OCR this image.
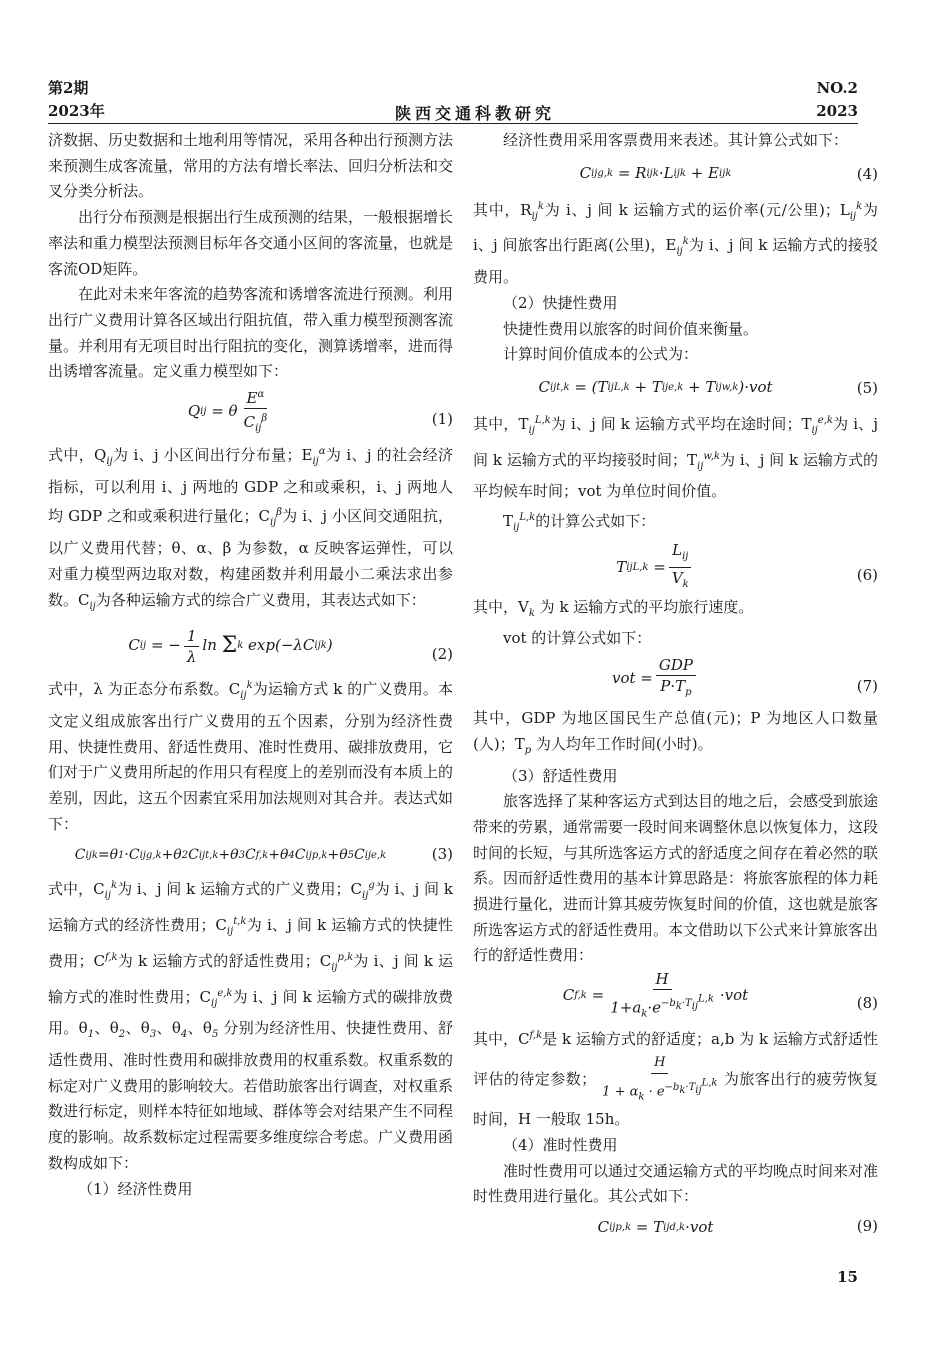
第2期
2023年	陕西交通科教研究
NO.2
2023

济数据、历史数据和土地利用等情况，采用各种出行预测方法来预测生成客流量，常用的方法有增长率法、回归分析法和交叉分类分析法。

出行分布预测是根据出行生成预测的结果，一般根据增长率法和重力模型法预测目标年各交通小区间的客流量，也就是客流OD矩阵。

在此对未来年客流的趋势客流和诱增客流进行预测。利用出行广义费用计算各区域出行阻抗值，带入重力模型预测客流量。并利用有无项目时出行阻抗的变化，测算诱增率，进而得出诱增客流量。定义重力模型如下：

Q ij = θ $\frac{E^\alpha}{C_{ij}^\beta}$	(1)

式中，$Q_{ij}$为 i、j 小区间出行分布量；$E_{ij}^\alpha$为 i、j 的社会经济指标，可以利用 i、j 两地的 GDP 之和或乘积，i、j 两地人均 GDP 之和或乘积进行量化；$C_{ij}^\beta$为 i、j 小区间交通阻抗，以广义费用代替；θ、α、β 为参数，α 反映客运弹性，可以对重力模型两边取对数，构建函数并利用最小二乘法求出参数。$C_{ij}$为各种运输方式的综合广义费用，其表达式如下：

C ij = − $\frac{1}{\lambda}$ ln Σ k exp(−λC ij k )	(2)

式中，λ 为正态分布系数。$C_{ij}^k$为运输方式 k 的广义费用。本文定义组成旅客出行广义费用的五个因素，分别为经济性费用、快捷性费用、舒适性费用、准时性费用、碳排放费用，它们对于广义费用所起的作用只有程度上的差别而没有本质上的差别，因此，这五个因素宜采用加法规则对其合并。表达式如下：

C ij k =θ 1 ·C ij g,k +θ 2 C ij t,k +θ 3 C f,k +θ 4 C ij p,k +θ 5 C ij e,k	(3)

式中，$C_{ij}^k$为 i、j 间 k 运输方式的广义费用；$C_{ij}^g$为 i、j 间 k 运输方式的经济性费用；$C_{ij}^{t,k}$为 i、j 间 k 运输方式的快捷性费用；C$^{f,k}$为 k 运输方式的舒适性费用；$C_{ij}^{p,k}$为 i、j 间 k 运输方式的准时性费用；$C_{ij}^{e,k}$为 i、j 间 k 运输方式的碳排放费用。$\theta_1$、$\theta_2$、$\theta_3$、$\theta_4$、$\theta_5$ 分别为经济性用、快捷性费用、舒适性费用、准时性费用和碳排放费用的权重系数。权重系数的标定对广义费用的影响较大。若借助旅客出行调查，对权重系数进行标定，则样本特征如地域、群体等会对结果产生不同程度的影响。故系数标定过程需要多维度综合考虑。广义费用函数构成如下：

（1）经济性费用

经济性费用采用客票费用来表述。其计算公式如下：

C ij g,k = R ij k ·L ij k + E ij k	(4)

其中，$R_{ij}^k$为 i、j 间 k 运输方式的运价率(元/公里)；$L_{ij}^k$为 i、j 间旅客出行距离(公里)，$E_{ij}^k$为 i、j 间 k 运输方式的接驳费用。

（2）快捷性费用

快捷性费用以旅客的时间价值来衡量。

计算时间价值成本的公式为：

C ij t,k = (T ij L,k + T ij e,k + T ij w,k )·vot	(5)

其中，$T_{ij}^{L,k}$为 i、j 间 k 运输方式平均在途时间；$T_{ij}^{e,k}$为 i、j 间 k 运输方式的平均接驳时间；$T_{ij}^{w,k}$为 i、j 间 k 运输方式的平均候车时间；vot 为单位时间价值。

$T_{ij}^{L,k}$的计算公式如下：

T ij $L,k = \frac{L_{ij}}{V_k}$	(6)

其中，$V_k$ 为 k 运输方式的平均旅行速度。

vot 的计算公式如下：

vot = $\frac{\text{GDP}}{P\cdot T_p}$	(7)

其中，GDP 为地区国民生产总值(元)；P 为地区人口数量(人)；$T_p$ 为人均年工作时间(小时)。

（3）舒适性费用

旅客选择了某种客运方式到达目的地之后，会感受到旅途带来的劳累，通常需要一段时间来调整休息以恢复体力，这段时间的长短，与其所选客运方式的舒适度之间存在着必然的联系。因而舒适性费用的基本计算思路是：将旅客旅程的体力耗损进行量化，进而计算其疲劳恢复时间的价值，这也就是旅客所选客运方式的舒适性费用。本文借助以下公式来计算旅客出行的舒适性费用：

C $f,k = \frac{H}{1+a_k\cdot e^{-b_k\cdot T_{ij}^{L,k}}} \cdot vot$	(8)

其中，C$^{f,k}$是 k 运输方式的舒适度；a,b 为 k 运输方式舒适性评估的待定参数； $\frac{H}{1 + \alpha_k \cdot e^{-b_k\cdot T_{ij}^{L,k}}}$ 为旅客出行的疲劳恢复时间，H 一般取 15h。

（4）准时性费用

准时性费用可以通过交通运输方式的平均晚点时间来对准时性费用进行量化。其公式如下：

C ij p,k = T ij d,k ·vot	(9)
15
